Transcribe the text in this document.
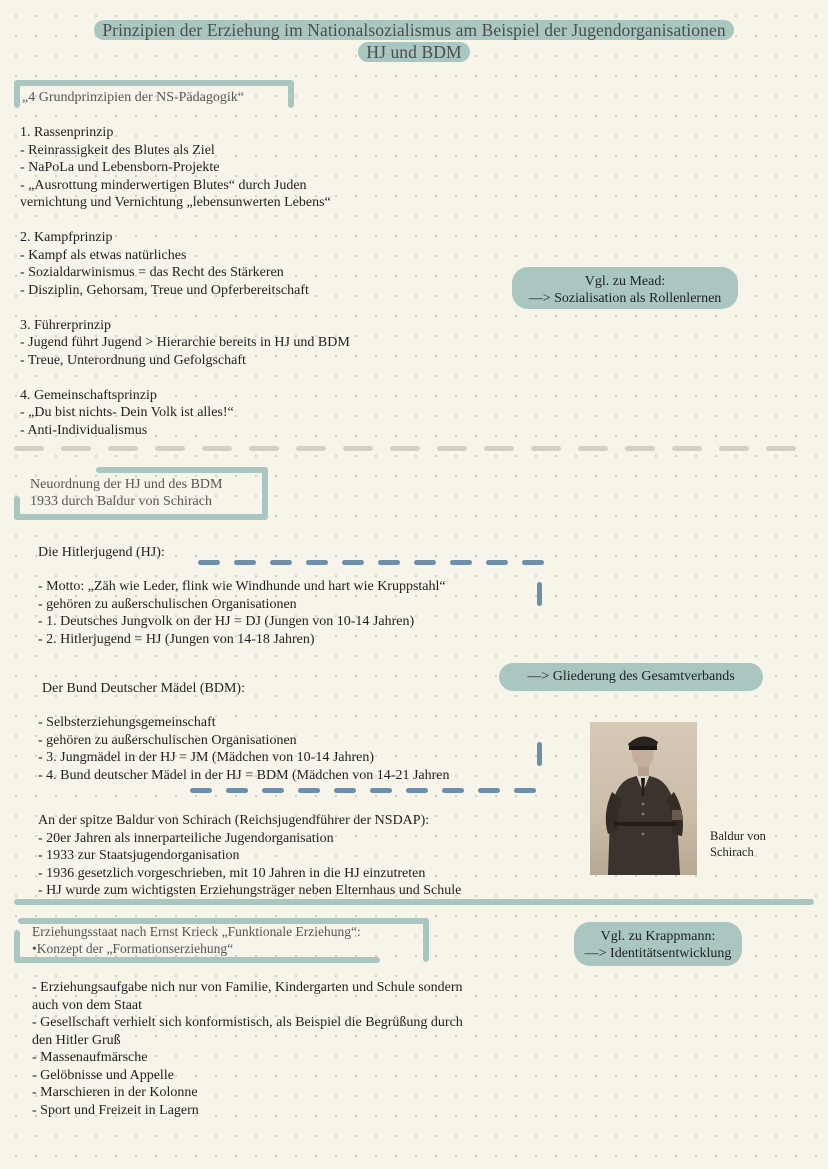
Prinzipien der Erziehung im Nationalsozialismus am Beispiel der Jugendorganisationen
HJ und BDM
„4 Grundprinzipien der NS-Pädagogik“
1. Rassenprinzip
- Reinrassigkeit des Blutes als Ziel
- NaPoLa und Lebensborn-Projekte
- „Ausrottung minderwertigen Blutes“ durch Juden
vernichtung und Vernichtung „lebensunwerten Lebens“
2. Kampfprinzip
- Kampf als etwas natürliches
- Sozialdarwinismus = das Recht des Stärkeren
- Disziplin, Gehorsam, Treue und Opferbereitschaft
3. Führerprinzip
- Jugend führt Jugend > Hierarchie bereits in HJ und BDM
- Treue, Unterordnung und Gefolgschaft
4. Gemeinschaftsprinzip
- „Du bist nichts- Dein Volk ist alles!“
- Anti-Individualismus
Vgl. zu Mead:
—> Sozialisation als Rollenlernen
Neuordnung der HJ und des BDM
1933 durch Baldur von Schirach
Die Hitlerjugend (HJ):
- Motto: „Zäh wie Leder, flink wie Windhunde und hart wie Kruppstahl“
- gehören zu außerschulischen Organisationen
- 1. Deutsches Jungvolk on der HJ = DJ (Jungen von 10-14 Jahren)
- 2. Hitlerjugend = HJ (Jungen von 14-18 Jahren)
—> Gliederung des Gesamtverbands
Der Bund Deutscher Mädel (BDM):
- Selbsterziehungsgemeinschaft
- gehören zu außerschulischen Organisationen
- 3. Jungmädel in der HJ = JM (Mädchen von 10-14 Jahren)
- 4. Bund deutscher Mädel in der HJ = BDM (Mädchen von 14-21 Jahren
An der spitze Baldur von Schirach (Reichsjugendführer der NSDAP):
- 20er Jahren als innerparteiliche Jugendorganisation
- 1933 zur Staatsjugendorganisation
- 1936 gesetzlich vorgeschrieben, mit 10 Jahren in die HJ einzutreten
- HJ wurde zum wichtigsten Erziehungsträger neben Elternhaus und Schule
Baldur von
Schirach
Erziehungsstaat nach Ernst Krieck „Funktionale Erziehung“:
•Konzept der „Formationserziehung“
Vgl. zu Krappmann:
—> Identitätsentwicklung
- Erziehungsaufgabe nich nur von Familie, Kindergarten und Schule sondern
auch von dem Staat
- Gesellschaft verhielt sich konformistisch, als Beispiel die Begrüßung durch
den Hitler Gruß
- Massenaufmärsche
- Gelöbnisse und Appelle
- Marschieren in der Kolonne
- Sport und Freizeit in Lagern
